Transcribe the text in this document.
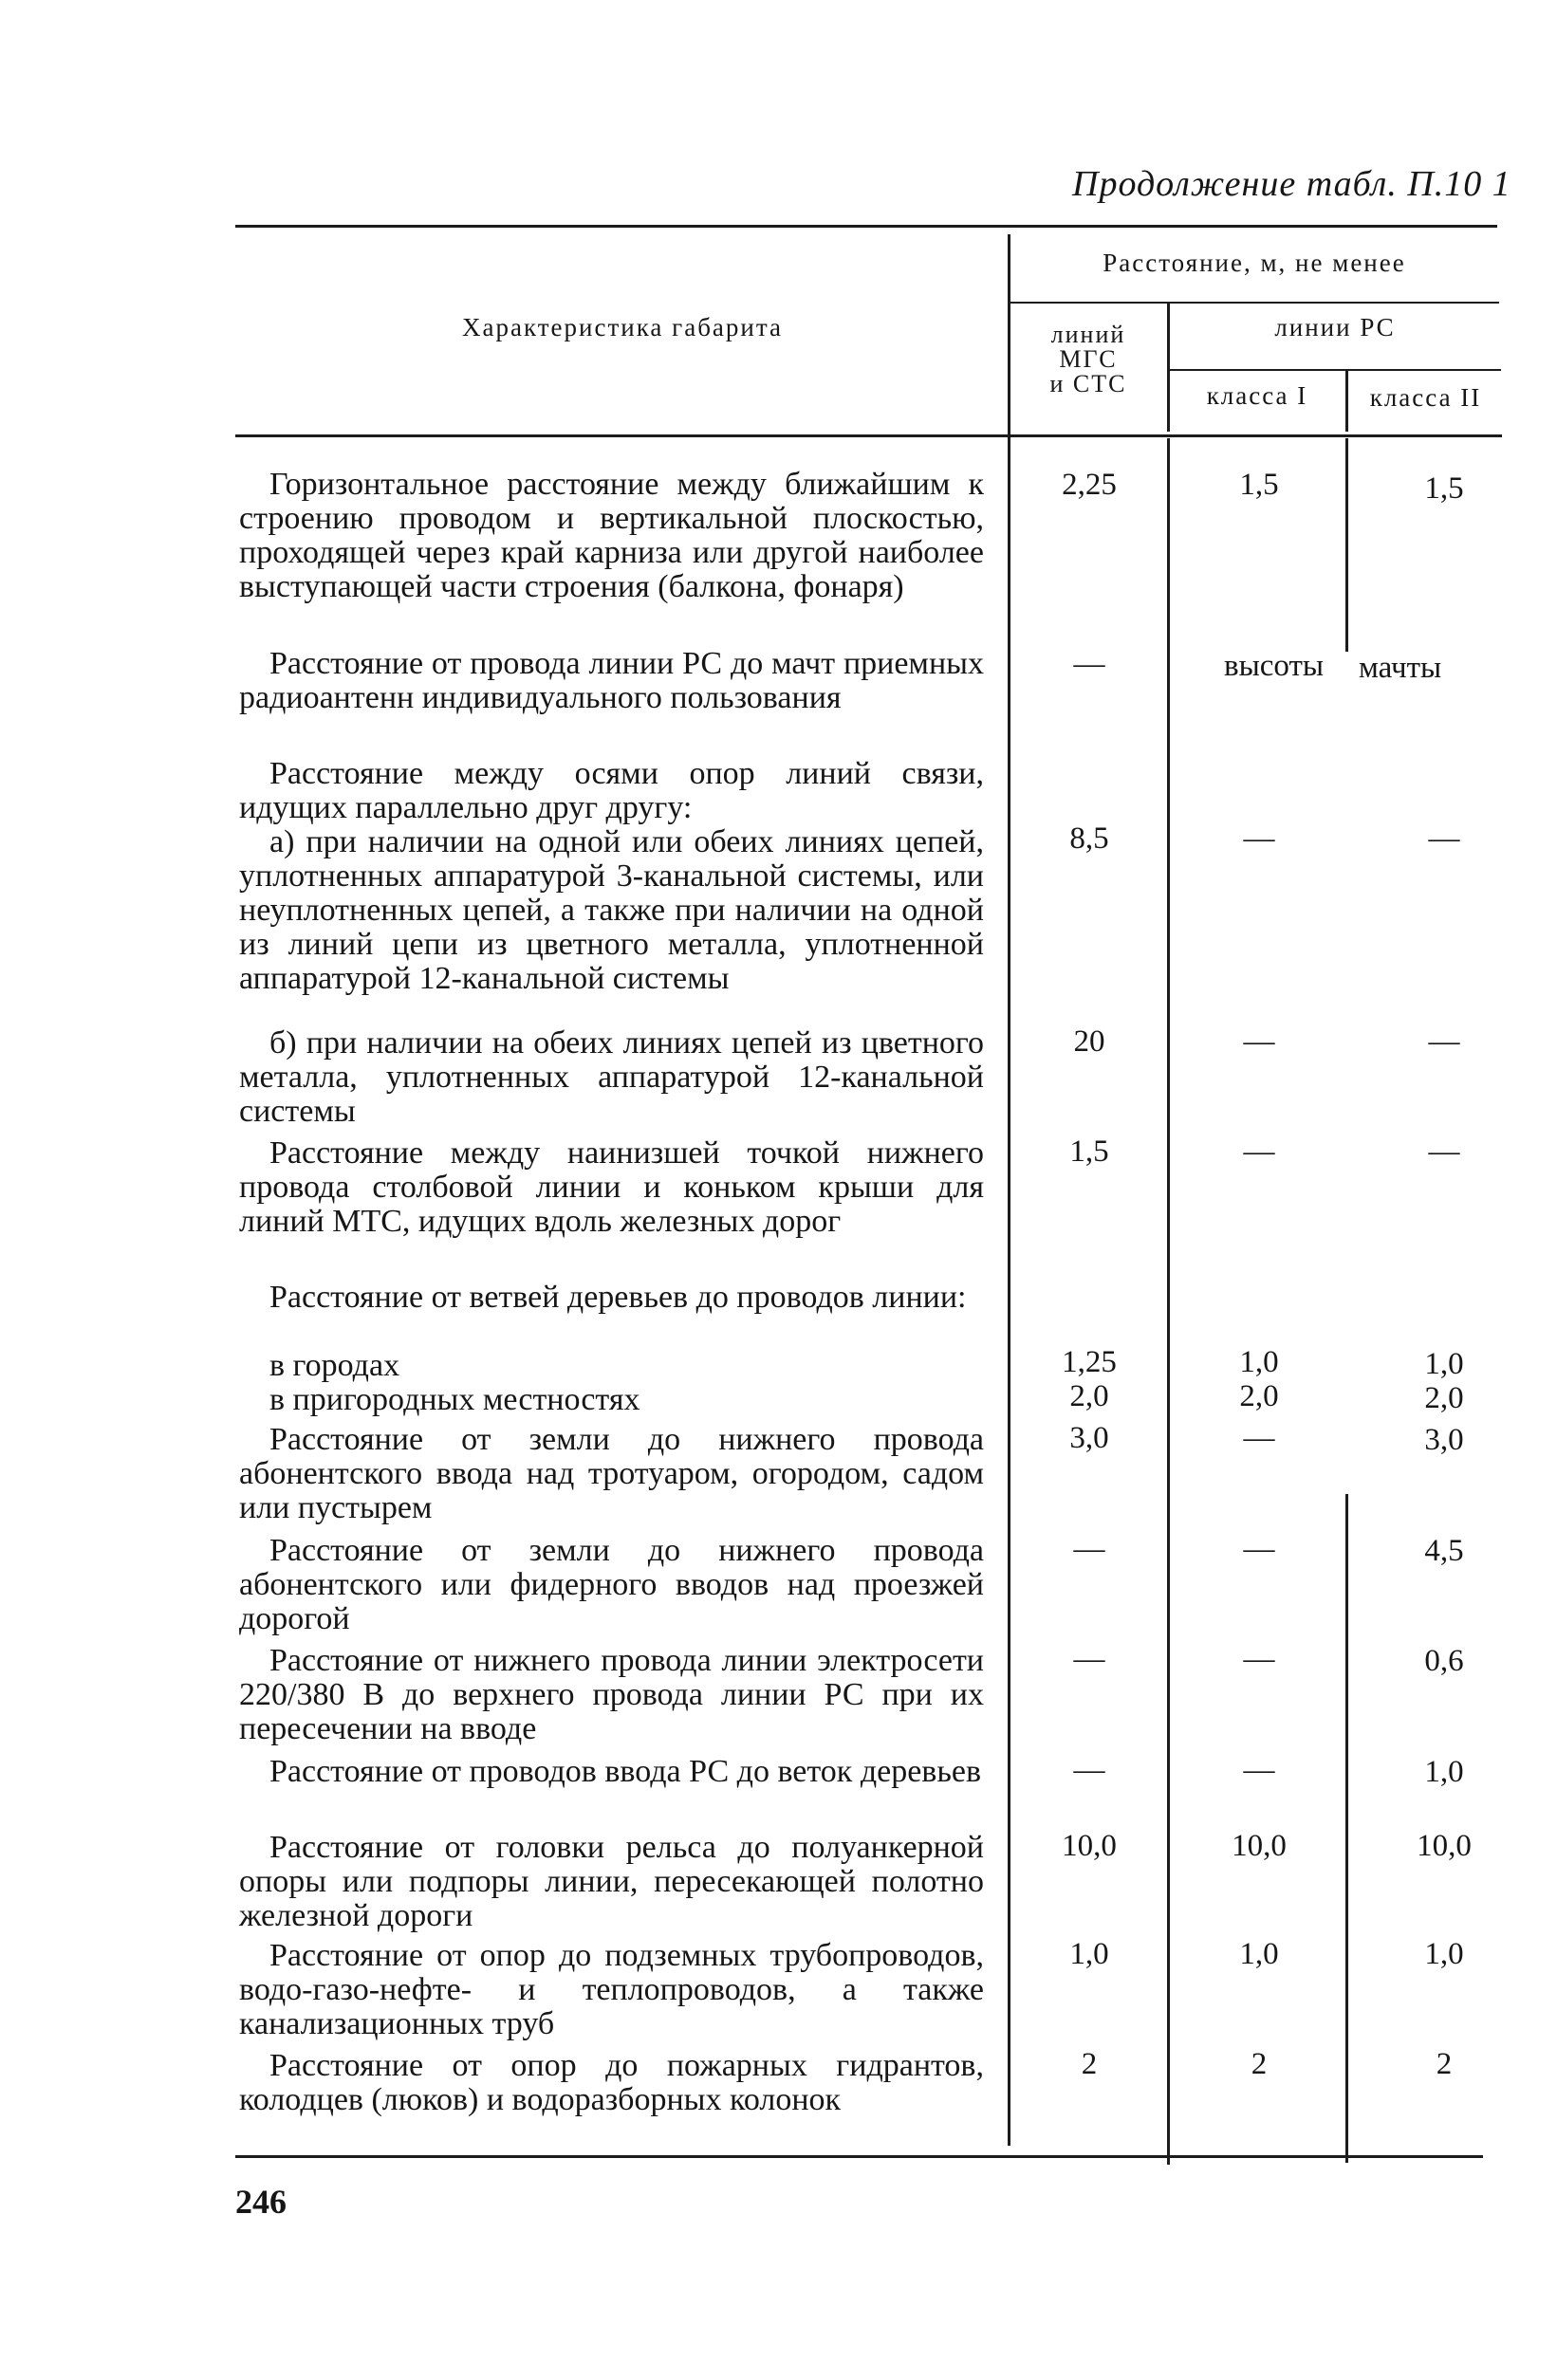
Продолжение табл. П.10 1
Характеристика габарита
Расстояние, м, не менее
линий
МГС
и СТС
линии РС
класса I	класса II
Горизонтальное расстояние между ближайшим к строению проводом и вертикальной плоскостью, проходящей через край карниза или другой наиболее выступающей части строения (балкона, фонаря)
2,25	1,5	1,5
Расстояние от провода линии РС до мачт приемных радиоантенн индивидуального пользования
—	высоты мачты
Расстояние между осями опор линий связи, идущих параллельно друг другу:
а) при наличии на одной или обеих линиях цепей, уплотненных аппаратурой 3-канальной системы, или неуплотненных цепей, а также при наличии на одной из линий цепи из цветного металла, уплотненной аппаратурой 12-канальной системы
8,5	—	—
б) при наличии на обеих линиях цепей из цветного металла, уплотненных аппаратурой 12-канальной системы
20	—	—
Расстояние между наинизшей точкой нижнего провода столбовой линии и коньком крыши для линий МТС, идущих вдоль железных дорог
1,5	—	—
Расстояние от ветвей деревьев до проводов линии:
в городах	1,25	1,0	1,0
в пригородных местностях	2,0	2,0	2,0
Расстояние от земли до нижнего провода абонентского ввода над тротуаром, огородом, садом или пустырем
3,0	—	3,0
Расстояние от земли до нижнего провода абонентского или фидерного вводов над проезжей дорогой
—	—	4,5
Расстояние от нижнего провода линии электросети 220/380 В до верхнего провода линии РС при их пересечении на вводе
—	—	0,6
Расстояние от проводов ввода РС до веток деревьев	—	—	1,0
Расстояние от головки рельса до полуанкерной опоры или подпоры линии, пересекающей полотно железной дороги
10,0	10,0	10,0
Расстояние от опор до подземных трубопроводов, водо-газо-нефте- и теплопроводов, а также канализационных труб
1,0	1,0	1,0
Расстояние от опор до пожарных гидрантов, колодцев (люков) и водоразборных колонок
2	2	2
246
